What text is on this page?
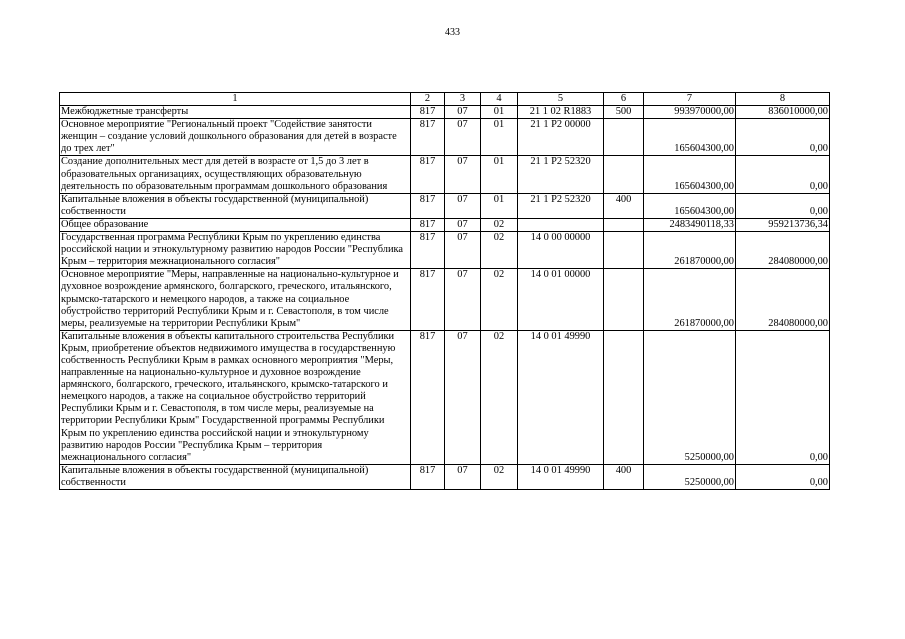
433
1	2	3	4	5	6	7	8
Межбюджетные трансферты	817	07	01	21 1 02 R1883	500	993970000,00	836010000,00
Основное мероприятие "Региональный проект "Содействие занятости женщин – создание условий дошкольного образования для детей в возрасте до трех лет"	817	07	01	21 1 P2 00000		165604300,00	0,00
Создание дополнительных мест для детей в возрасте от 1,5 до 3 лет в образовательных организациях, осуществляющих образовательную деятельность по образовательным программам дошкольного образования	817	07	01	21 1 P2 52320		165604300,00	0,00
Капитальные вложения в объекты государственной (муниципальной) собственности	817	07	01	21 1 P2 52320	400	165604300,00	0,00
Общее образование	817	07	02			2483490118,33	959213736,34
Государственная программа Республики Крым по укреплению единства российской нации и этнокультурному развитию народов России "Республика Крым – территория межнационального согласия"	817	07	02	14 0 00 00000		261870000,00	284080000,00
Основное мероприятие "Меры, направленные на национально-культурное и духовное возрождение армянского, болгарского, греческого, итальянского, крымско-татарского и немецкого народов, а также на социальное обустройство территорий Республики Крым и г. Севастополя, в том числе меры, реализуемые на территории Республики Крым"	817	07	02	14 0 01 00000		261870000,00	284080000,00
Капитальные вложения в объекты капитального строительства Республики Крым, приобретение объектов недвижимого имущества в государственную собственность Республики Крым в рамках основного мероприятия "Меры, направленные на национально-культурное и духовное возрождение армянского, болгарского, греческого, итальянского, крымско-татарского и немецкого народов, а также на социальное обустройство территорий Республики Крым и г. Севастополя, в том числе меры, реализуемые на территории Республики Крым" Государственной программы Республики Крым по укреплению единства российской нации и этнокультурному развитию народов России "Республика Крым – территория межнационального согласия"	817	07	02	14 0 01 49990		5250000,00	0,00
Капитальные вложения в объекты государственной (муниципальной) собственности	817	07	02	14 0 01 49990	400	5250000,00	0,00
